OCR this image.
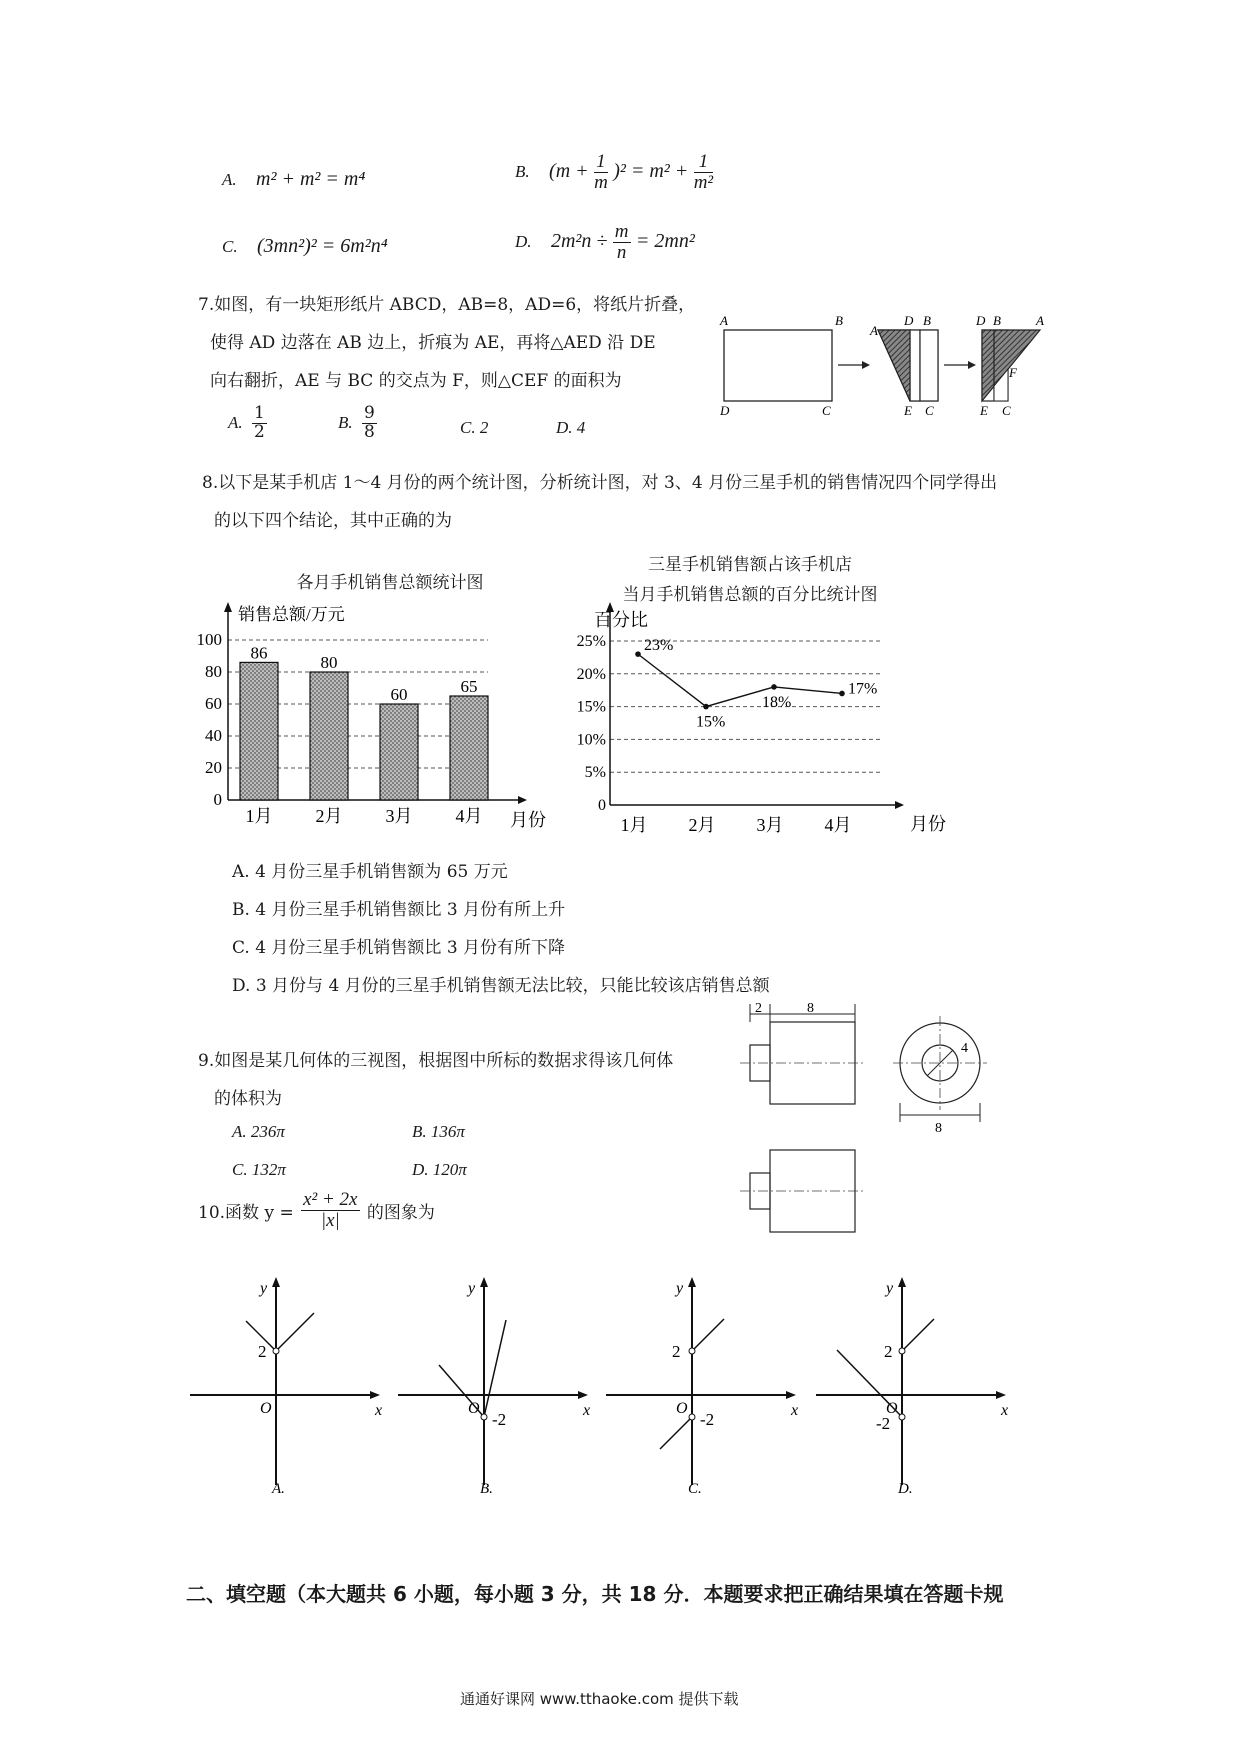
A. m² + m² = m⁴	B. $(m + \frac{1}{m} )^2 = m^2 + \frac{1}{\text{m²}}$
C. (3mn²)² = 6m²n⁴	D. $2m^2n \div \frac{m}{n} = 2mn^2$
7.如图，有一块矩形纸片 ABCD，AB=8，AD=6，将纸片折叠，
使得 AD 边落在 AB 边上，折痕为 AE，再将△AED 沿 DE
向右翻折，AE 与 BC 的交点为 F，则△CEF 的面积为
A. $\frac{1}{2}$	B. $\frac{9}{8}$	C. 2	D. 4
A	B
D	C
A
D B
E C
D B	A
F
E C
8.以下是某手机店 1～4 月份的两个统计图，分析统计图，对 3、4 月份三星手机的销售情况四个同学得出
的以下四个结论，其中正确的为
各月手机销售总额统计图
0
20
40
60
80
100
销售总额/万元
月份
86
1月
80
2月
60
3月
65
4月
三星手机销售额占该手机店
当月手机销售总额的百分比统计图
0
5%
10%
15%
20%
25%
百分比
月份
23%
1月
15%
2月
18%
3月
17%
4月
A. 4 月份三星手机销售额为 65 万元
B. 4 月份三星手机销售额比 3 月份有所上升
C. 4 月份三星手机销售额比 3 月份有所下降
D. 3 月份与 4 月份的三星手机销售额无法比较，只能比较该店销售总额
9.如图是某几何体的三视图，根据图中所标的数据求得该几何体
的体积为
A. 236π	B. 136π
C. 132π	D. 120π
2	8
4
8
10.函数 $y = \frac{\text{x² + 2x}}{|x|}$ 的图象为
y
x
O
2
A.
y
x
O
-2
B.
y
x
O
2
-2
C.
y
x
O
2
-2
D.
二、填空题（本大题共 6 小题，每小题 3 分，共 18 分．本题要求把正确结果填在答题卡规
通通好课网 www.tthaoke.com 提供下载
